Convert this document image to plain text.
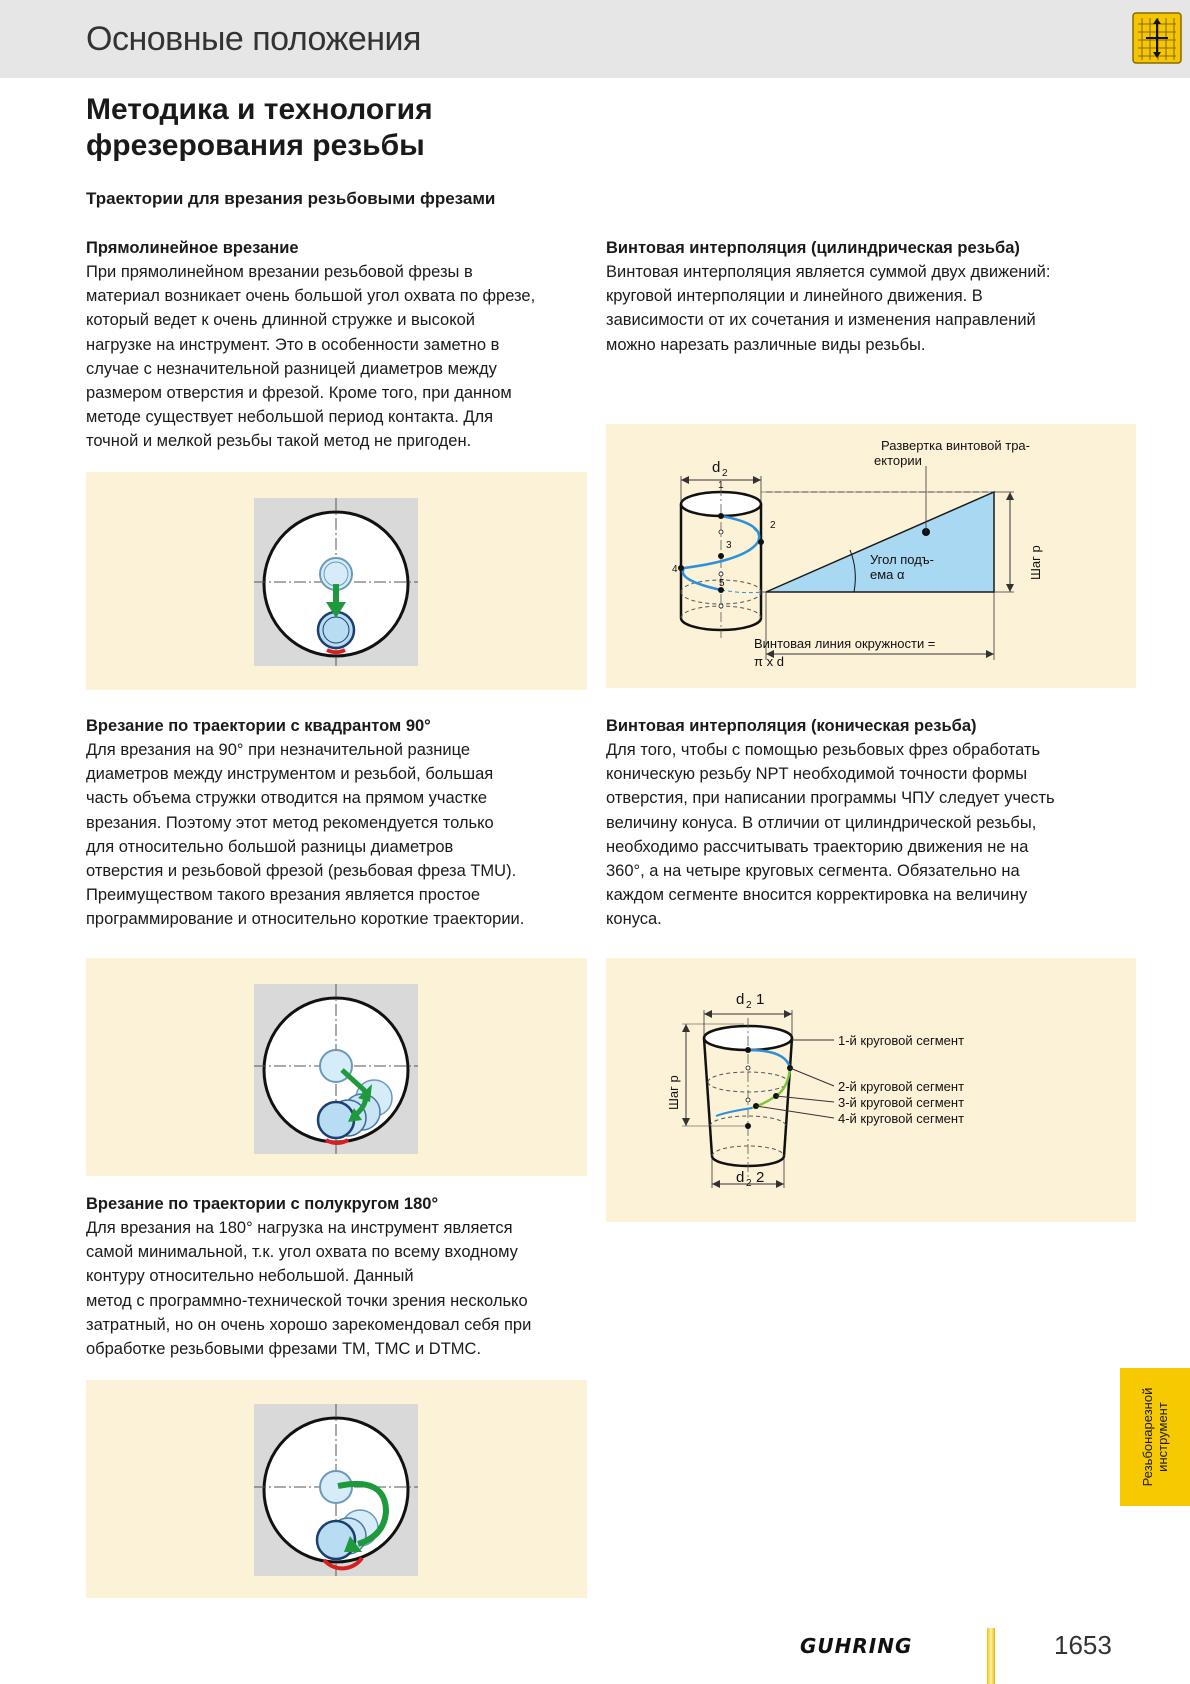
Основные положения
Методика и технология
фрезерования резьбы
Траектории для врезания резьбовыми фрезами
Прямолинейное врезание
При прямолинейном врезании резьбовой фрезы в
материал возникает очень большой угол охвата по фрезе,
который ведет к очень длинной стружке и высокой
нагрузке на инструмент. Это в особенности заметно в
случае с незначительной разницей диаметров между
размером отверстия и фрезой. Кроме того, при данном
методе существует небольшой период контакта. Для
точной и мелкой резьбы такой метод не пригоден.
Врезание по траектории с квадрантом 90°
Для врезания на 90° при незначительной разнице
диаметров между инструментом и резьбой, большая
часть объема стружки отводится на прямом участке
врезания. Поэтому этот метод рекомендуется только
для относительно большой разницы диаметров
отверстия и резьбовой фрезой (резьбовая фреза TMU).
Преимуществом такого врезания является простое
программирование и относительно короткие траектории.
Врезание по траектории с полукругом 180°
Для врезания на 180° нагрузка на инструмент является
самой минимальной, т.к. угол охвата по всему входному
контуру относительно небольшой. Данный
метод с программно-технической точки зрения несколько
затратный, но он очень хорошо зарекомендовал себя при
обработке резьбовыми фрезами TM, TMC и DTMC.
Винтовая интерполяция (цилиндрическая резьба)
Винтовая интерполяция является суммой двух движений:
круговой интерполяции и линейного движения. В
зависимости от их сочетания и изменения направлений
можно нарезать различные виды резьбы.
d 2
1
2
3
4
5
Развертка винтовой тра-
ектории
Угол подъ-
ема α	Шаг p
Винтовая линия окружности =
π x d
Винтовая интерполяция (коническая резьба)
Для того, чтобы с помощью резьбовых фрез обработать
коническую резьбу NPT необходимой точности формы
отверстия, при написании программы ЧПУ следует учесть
величину конуса. В отличии от цилиндрической резьбы,
необходимо рассчитывать траекторию движения не на
360°, а на четыре круговых сегмента. Обязательно на
каждом сегменте вносится корректировка на величину
конуса.
d 2 1
d 2 2
Шаг p
1-й круговой сегмент
2-й круговой сегмент
3-й круговой сегмент
4-й круговой сегмент
Резьбонарезной инструмент
GUHRING	1653
